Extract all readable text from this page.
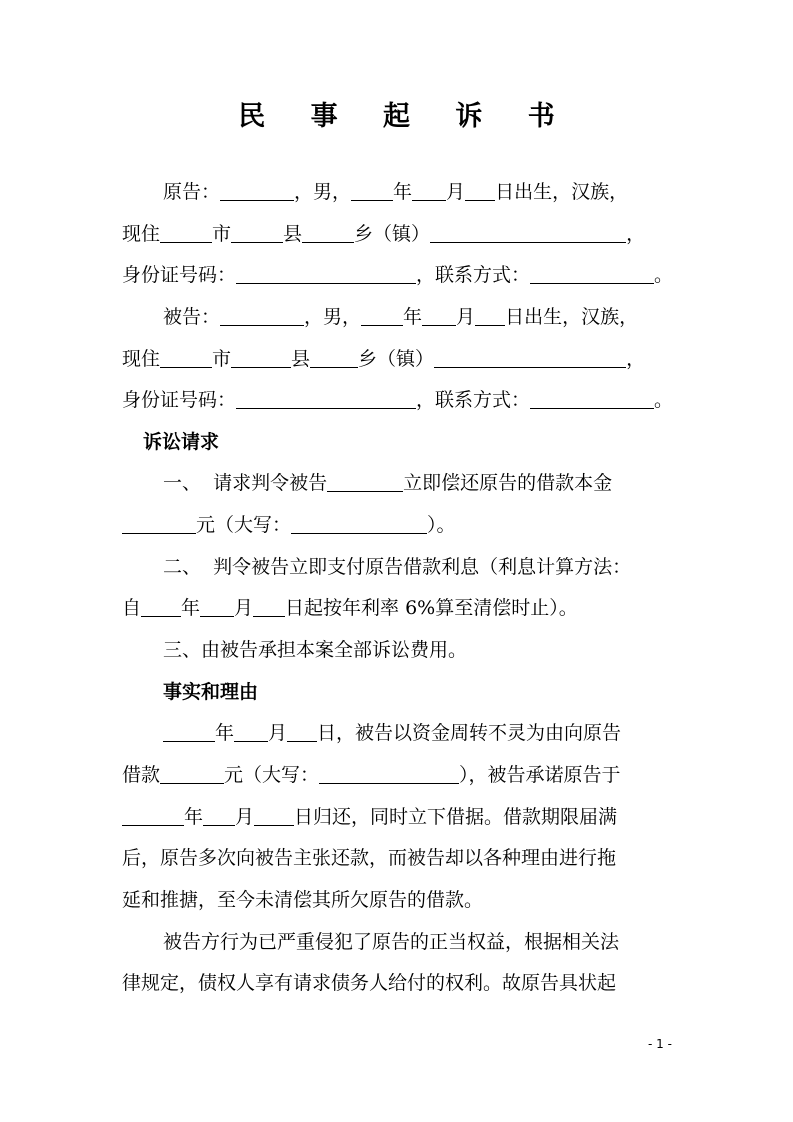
民 事 起 诉 书
原告：	，男， 年 月 日出生，汉族，
现住	市	县	乡（镇）	，
身份证号码：	，联系方式：	。
被告：	，男， 年 月 日出生，汉族，
现住	市	县	乡（镇）	，
身份证号码：	，联系方式：	。
诉讼请求
一、  请求判令被告	立即偿还原告的借款本金
元（大写：	）。
二、  判令被告立即支付原告借款利息（利息计算方法：
自 年 月 日起按年利率 6%算至清偿时止）。
三、由被告承担本案全部诉讼费用。
事实和理由
年 月 日，被告以资金周转不灵为由向原告
借款	元（大写：	），被告承诺原告于
年 月 日归还，同时立下借据。借款期限届满
后，原告多次向被告主张还款，而被告却以各种理由进行拖
延和推搪，至今未清偿其所欠原告的借款。
被告方行为已严重侵犯了原告的正当权益，根据相关法
律规定，债权人享有请求债务人给付的权利。故原告具状起
- 1 -
